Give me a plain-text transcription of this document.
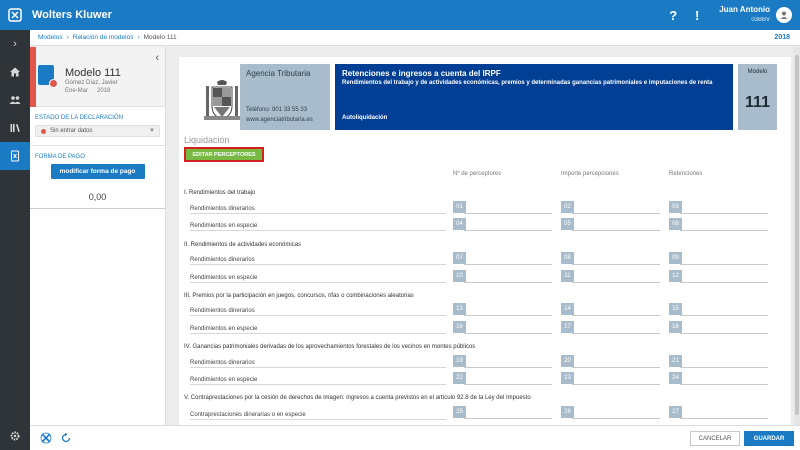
Wolters Kluwer	?	!	Juan Antonio
03BBV
›
Modelos › Relación de modelos › Modelo 111	2018
Modelo 111
Gómez Díaz, Javier
Ene-Mar 2018
‹
ESTADO DE LA DECLARACIÓN
Sin entrar datos	▼
FORMA DE PAGO
modificar forma de pago
0,00
Agencia Tributaria
Teléfono: 901 33 55 33
www.agenciatributaria.es
Retenciones e ingresos a cuenta del IRPF
Rendimientos del trabajo y de actividades económicas, premios y determinadas ganancias patrimoniales e imputaciones de renta
Autoliquidación
Modelo
111
Liquidación
EDITAR PERCEPTORES
Nº de perceptores	Importe percepciones	Retenciones
I. Rendimientos del trabajo
Rendimientos dinerarios	01	02	03
Rendimientos en especie	04	05	06
II. Rendimientos de actividades económicas
Rendimientos dinerarios	07	08	09
Rendimientos en especie	10	11	12
III. Premios por la participación en juegos, concursos, rifas o combinaciones aleatorias
Rendimientos dinerarios	13	14	15
Rendimientos en especie	16	17	18
IV. Ganancias patrimoniales derivadas de los aprovechamientos forestales de los vecinos en montes públicos
Rendimientos dinerarios	19	20	21
Rendimientos en especie	22	23	24
V. Contraprestaciones por la cesión de derechos de imagen: ingresos a cuenta previstos en el artículo 92.8 de la Ley del Impuesto
Contraprestaciones dinerarias o en especie	25	26	27
CANCELAR	GUARDAR
